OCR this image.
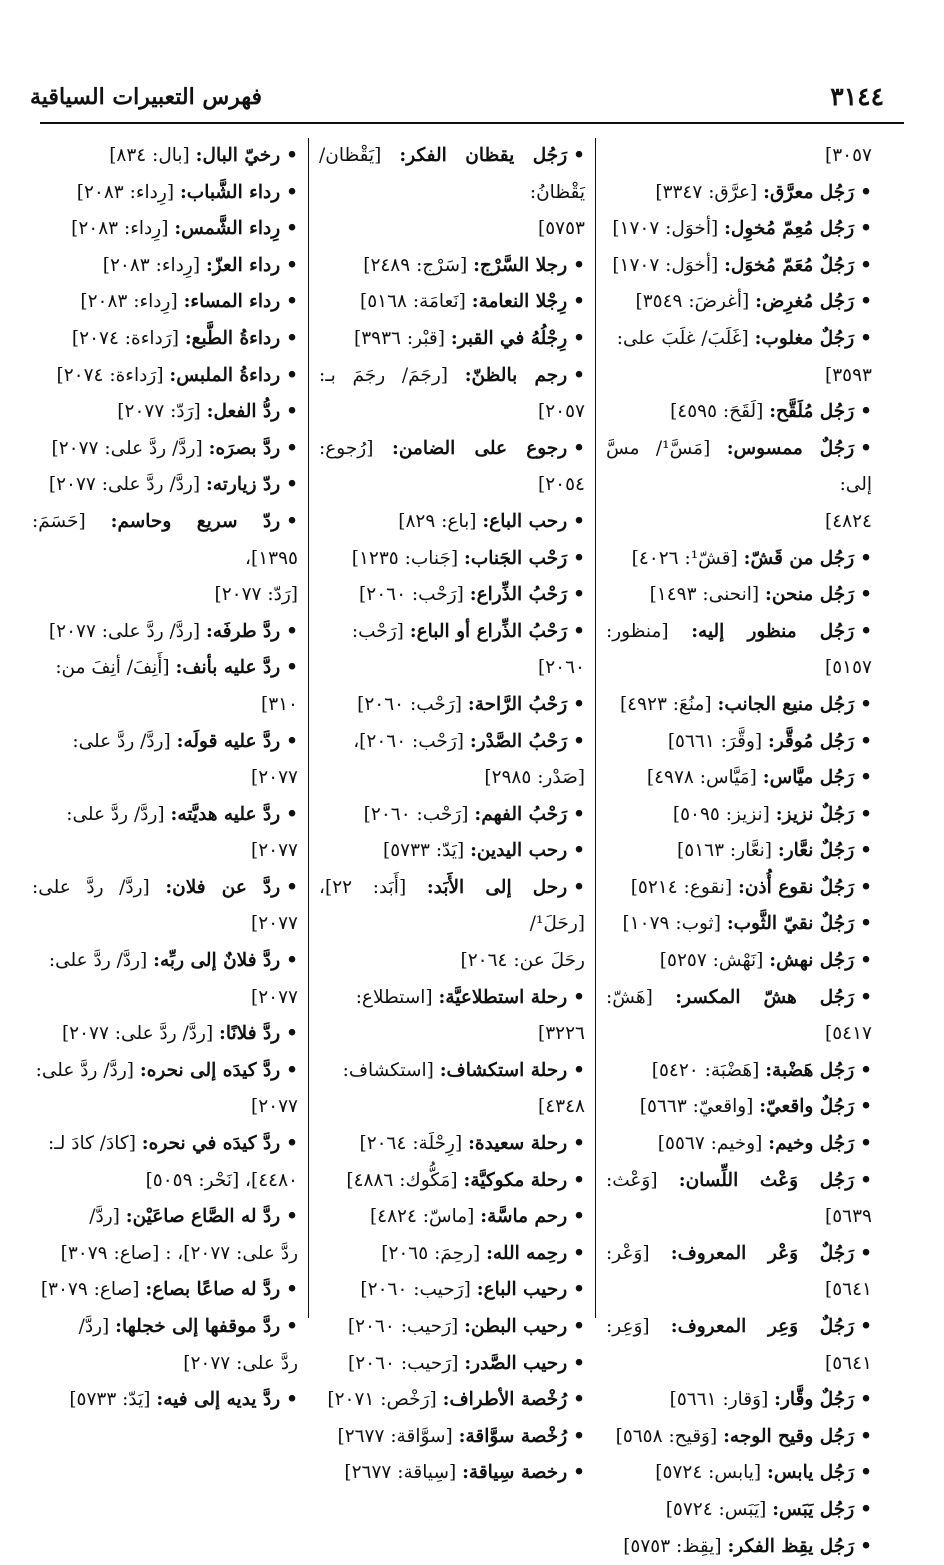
٣١٤٤
فهرس التعبيرات السياقية
٣٠٥٧]
•رَجُل معرَّق: [عرَّق: ٣٣٤٧]
•رَجُل مُعِمّ مُخوِل: [أخوَل: ١٧٠٧]
•رَجُلٌ مُعَمّ مُخوَل: [أخوَل: ١٧٠٧]
•رَجُل مُغرِض: [أغرضَ: ٣٥٤٩]
•رَجُلٌ مغلوب: [غَلَبَ/ غلَبَ على:
٣٥٩٣]
•رَجُل مُلَقَّح: [لَقَحَ: ٤٥٩٥]
•رَجُلٌ ممسوس: [مَسَّ¹/ مسَّ إلى:
٤٨٢٤]
•رَجُل من قَشّ: [قشّ¹: ٤٠٢٦]
•رَجُل منحن: [انحنى: ١٤٩٣]
•رَجُل منظور إليه: [منظور: ٥١٥٧]
•رَجُل منيع الجانب: [منُعَ: ٤٩٢٣]
•رَجُل مُوقَّر: [وقَّرَ: ٥٦٦١]
•رَجُل ميَّاس: [مَيَّاس: ٤٩٧٨]
•رَجُلٌ نزيز: [نزيز: ٥٠٩٥]
•رَجُلٌ نعَّار: [نعَّار: ٥١٦٣]
•رَجُلٌ نقوع أُذن: [نقوع: ٥٢١٤]
•رَجُلٌ نقيّ الثَّوب: [ثوب: ١٠٧٩]
•رَجُل نهش: [نَهْش: ٥٢٥٧]
•رَجُل هشّ المكسر: [هَشّ: ٥٤١٧]
•رَجُل هَضْبة: [هَضْبَة: ٥٤٢٠]
•رَجُلٌ واقعيّ: [واقعيّ: ٥٦٦٣]
•رَجُل وخيم: [وخيم: ٥٥٦٧]
•رَجُل وَعْث اللِّسان: [وَعْث: ٥٦٣٩]
•رَجُلٌ وَعْر المعروف: [وَعْر: ٥٦٤١]
•رَجُلٌ وَعِر المعروف: [وَعِر: ٥٦٤١]
•رَجُلٌ وقَّار: [وَقار: ٥٦٦١]
•رَجُل وقيح الوجه: [وَقيح: ٥٦٥٨]
•رَجُل يابس: [يابس: ٥٧٢٤]
•رَجُل يَبَس: [يَبَس: ٥٧٢٤]
•رَجُل يقِظ الفكر: [يقِظ: ٥٧٥٣]
•رَجُل يقظان الفكر: [يَقْظان/ يَقْظانُ:
٥٧٥٣]
•رجلا السَّرْج: [سَرْج: ٢٤٨٩]
•رِجْلا النعامة: [نَعامَة: ٥١٦٨]
•رِجْلُهُ في القبر: [قبْر: ٣٩٣٦]
•رجم بالظنّ: [رجَمَ/ رجَمَ بـ: ٢٠٥٧]
•رجوع على الضامن: [رُجوع: ٢٠٥٤]
•رحب الباع: [باع: ٨٢٩]
•رَحْب الجَناب: [جَناب: ١٢٣٥]
•رَحْبُ الذِّراع: [رَحْب: ٢٠٦٠]
•رَحْبُ الذِّراع أو الباع: [رَحْب:
٢٠٦٠]
•رَحْبُ الرَّاحة: [رَحْب: ٢٠٦٠]
•رَحْبُ الصَّدْر: [رَحْب: ٢٠٦٠]،
[صَدْر: ٢٩٨٥]
•رَحْبُ الفهم: [رَحْب: ٢٠٦٠]
•رحب اليدين: [يَدّ: ٥٧٣٣]
•رحل إلى الأَبَد: [أَبَد: ٢٢]، [رحَلَ¹/
رحَلَ عن: ٢٠٦٤]
•رحلة استطلاعيَّة: [استطلاع:
٣٢٢٦]
•رحلة استكشاف: [استكشاف:
٤٣٤٨]
•رحلة سعيدة: [رِحْلَة: ٢٠٦٤]
•رحلة مكوكيَّة: [مَكُّوك: ٤٨٨٦]
•رحم ماسَّة: [ماسّ: ٤٨٢٤]
•رحِمه الله: [رحِمَ: ٢٠٦٥]
•رحيب الباع: [رَحيب: ٢٠٦٠]
•رحيب البطن: [رَحيب: ٢٠٦٠]
•رحيب الصَّدر: [رَحيب: ٢٠٦٠]
•رُخْصة الأطراف: [رَخْص: ٢٠٧١]
•رُخْصة سوَّاقة: [سوَّاقة: ٢٦٧٧]
•رخصة سِياقة: [سِياقة: ٢٦٧٧]
•رخيّ البال: [بال: ٨٣٤]
•رداء الشَّباب: [رِداء: ٢٠٨٣]
•رِداء الشَّمس: [رِداء: ٢٠٨٣]
•رداء العزّ: [رِداء: ٢٠٨٣]
•رداء المساء: [رِداء: ٢٠٨٣]
•رداءةُ الطَّبع: [رَداءة: ٢٠٧٤]
•رداءةُ الملبس: [رَداءة: ٢٠٧٤]
•ردُّ الفعل: [رَدّ: ٢٠٧٧]
•ردَّ بصرَه: [ردَّ/ ردَّ على: ٢٠٧٧]
•ردّ زيارته: [ردَّ/ ردَّ على: ٢٠٧٧]
•ردّ سريع وحاسم: [حَسَمَ: ١٣٩٥]،
[رَدّ: ٢٠٧٧]
•ردَّ طرفَه: [ردَّ/ ردَّ على: ٢٠٧٧]
•ردَّ عليه بأنف: [أَنِفَ/ أنِفَ من:
٣١٠]
•ردَّ عليه قولَه: [ردَّ/ ردَّ على:
٢٠٧٧]
•ردَّ عليه هديَّته: [ردَّ/ ردَّ على:
٢٠٧٧]
•ردَّ عن فلان: [ردَّ/ ردَّ على: ٢٠٧٧]
•ردَّ فلانٌ إلى ربِّه: [ردَّ/ ردَّ على:
٢٠٧٧]
•ردَّ فلانًا: [ردَّ/ ردَّ على: ٢٠٧٧]
•ردَّ كيدَه إلى نحره: [ردَّ/ ردَّ على:
٢٠٧٧]
•ردَّ كيدَه في نحره: [كادَ/ كادَ لـ:
٤٤٨٠]، [نَحْر: ٥٠٥٩]
•ردَّ له الصَّاع صاعَيْن: [ردَّ/
ردَّ على: ٢٠٧٧]، : [صاع: ٣٠٧٩]
•ردَّ له صاعًا بصاع: [صاع: ٣٠٧٩]
•ردَّ موقفها إلى خجلها: [ردَّ/
ردَّ على: ٢٠٧٧]
•ردَّ يديه إلى فيه: [يَدّ: ٥٧٣٣]
